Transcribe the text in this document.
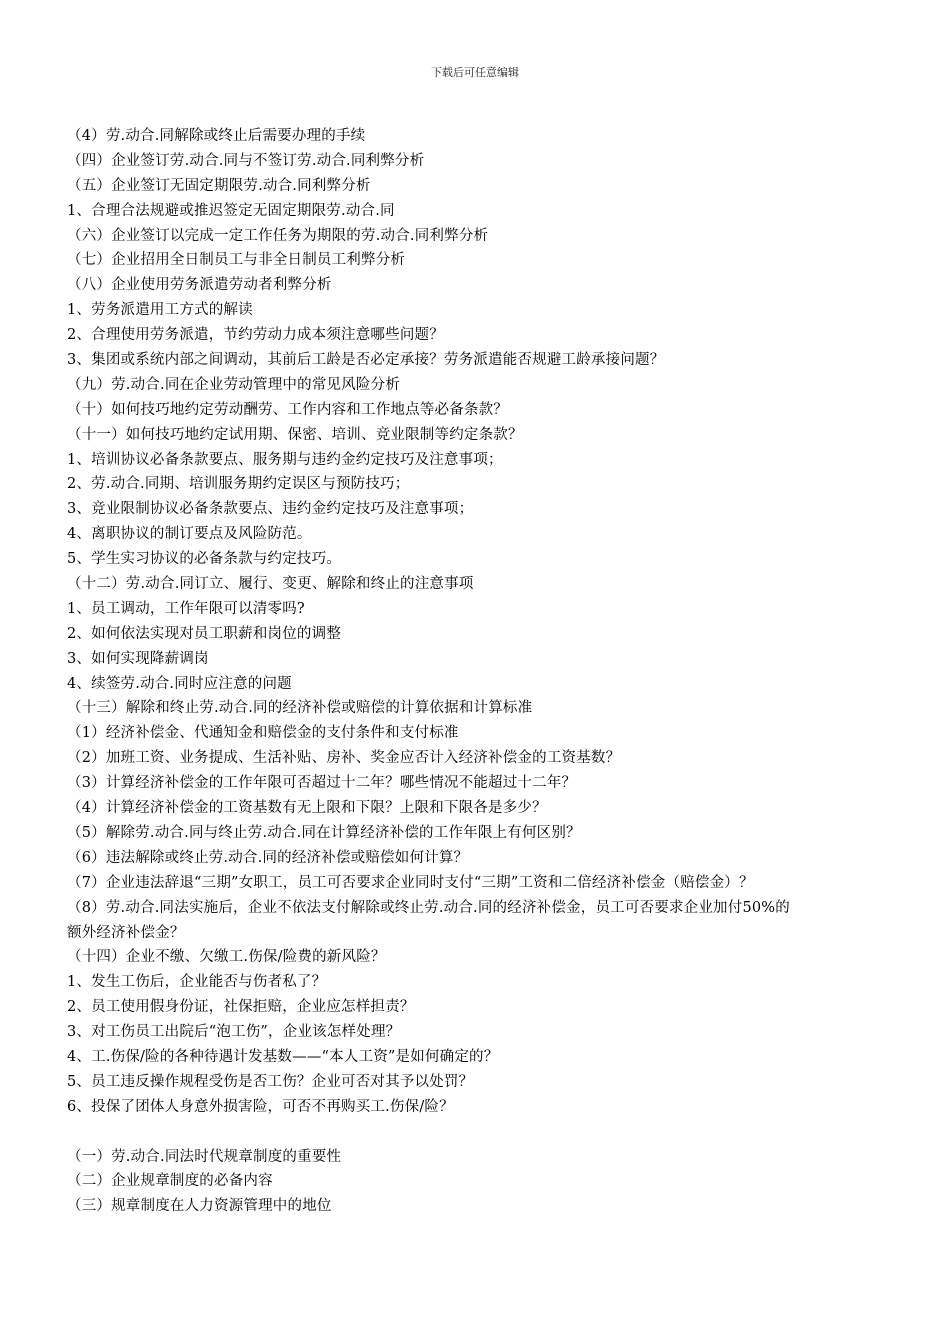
下载后可任意编辑
（4）劳.动合.同解除或终止后需要办理的手续
（四）企业签订劳.动合.同与不签订劳.动合.同利弊分析
（五）企业签订无固定期限劳.动合.同利弊分析
1、合理合法规避或推迟签定无固定期限劳.动合.同
（六）企业签订以完成一定工作任务为期限的劳.动合.同利弊分析
（七）企业招用全日制员工与非全日制员工利弊分析
（八）企业使用劳务派遣劳动者利弊分析
1、劳务派遣用工方式的解读
2、合理使用劳务派遣，节约劳动力成本须注意哪些问题？
3、集团或系统内部之间调动，其前后工龄是否必定承接？劳务派遣能否规避工龄承接问题？
（九）劳.动合.同在企业劳动管理中的常见风险分析
（十）如何技巧地约定劳动酬劳、工作内容和工作地点等必备条款？
（十一）如何技巧地约定试用期、保密、培训、竞业限制等约定条款？
1、培训协议必备条款要点、服务期与违约金约定技巧及注意事项；
2、劳.动合.同期、培训服务期约定误区与预防技巧；
3、竞业限制协议必备条款要点、违约金约定技巧及注意事项；
4、离职协议的制订要点及风险防范。
5、学生实习协议的必备条款与约定技巧。
（十二）劳.动合.同订立、履行、变更、解除和终止的注意事项
1、员工调动，工作年限可以清零吗?
2、如何依法实现对员工职薪和岗位的调整
3、如何实现降薪调岗
4、续签劳.动合.同时应注意的问题
（十三）解除和终止劳.动合.同的经济补偿或赔偿的计算依据和计算标准
（1）经济补偿金、代通知金和赔偿金的支付条件和支付标准
（2）加班工资、业务提成、生活补贴、房补、奖金应否计入经济补偿金的工资基数？
（3）计算经济补偿金的工作年限可否超过十二年？哪些情况不能超过十二年？
（4）计算经济补偿金的工资基数有无上限和下限？上限和下限各是多少？
（5）解除劳.动合.同与终止劳.动合.同在计算经济补偿的工作年限上有何区别？
（6）违法解除或终止劳.动合.同的经济补偿或赔偿如何计算？
（7）企业违法辞退“三期”女职工，员工可否要求企业同时支付“三期”工资和二倍经济补偿金（赔偿金）？
（8）劳.动合.同法实施后，企业不依法支付解除或终止劳.动合.同的经济补偿金，员工可否要求企业加付50%的
额外经济补偿金？
（十四）企业不缴、欠缴工.伤保/险费的新风险？
1、发生工伤后，企业能否与伤者私了？
2、员工使用假身份证，社保拒赔，企业应怎样担责？
3、对工伤员工出院后“泡工伤”，企业该怎样处理？
4、工.伤保/险的各种待遇计发基数——“本人工资”是如何确定的？
5、员工违反操作规程受伤是否工伤？企业可否对其予以处罚？
6、投保了团体人身意外损害险，可否不再购买工.伤保/险？
（一）劳.动合.同法时代规章制度的重要性
（二）企业规章制度的必备内容
（三）规章制度在人力资源管理中的地位
